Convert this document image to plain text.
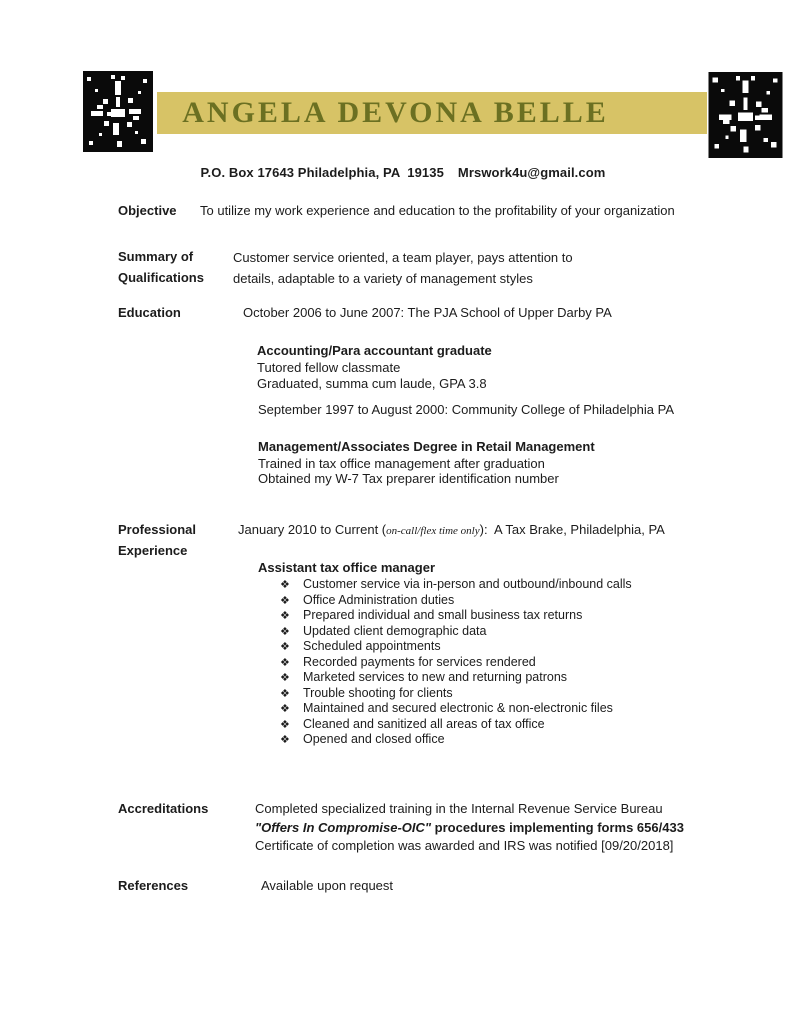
ANGELA DEVONA BELLE

P.O. Box 17643 Philadelphia, PA  19135 Mrswork4u@gmail.com

Objective To utilize my work experience and education to the profitability of your organization
Summary of
Qualifications
Customer service oriented, a team player, pays attention to
details, adaptable to a variety of management styles
Education	October 2006 to June 2007: The PJA School of Upper Darby PA
Accounting/Para accountant graduate
Tutored fellow classmate
Graduated, summa cum laude, GPA 3.8
September 1997 to August 2000: Community College of Philadelphia PA
Management/Associates Degree in Retail Management
Trained in tax office management after graduation
Obtained my W-7 Tax preparer identification number
Professional
Experience
January 2010 to Current (on-call/flex time only):  A Tax Brake, Philadelphia, PA
Assistant tax office manager
❖ Customer service via in-person and outbound/inbound calls
❖ Office Administration duties
❖ Prepared individual and small business tax returns
❖ Updated client demographic data
❖ Scheduled appointments
❖ Recorded payments for services rendered
❖ Marketed services to new and returning patrons
❖ Trouble shooting for clients
❖ Maintained and secured electronic & non-electronic files
❖ Cleaned and sanitized all areas of tax office
❖ Opened and closed office
Accreditations	Completed specialized training in the Internal Revenue Service Bureau
"Offers In Compromise-OIC" procedures implementing forms 656/433
Certificate of completion was awarded and IRS was notified [09/20/2018]
References	Available upon request
